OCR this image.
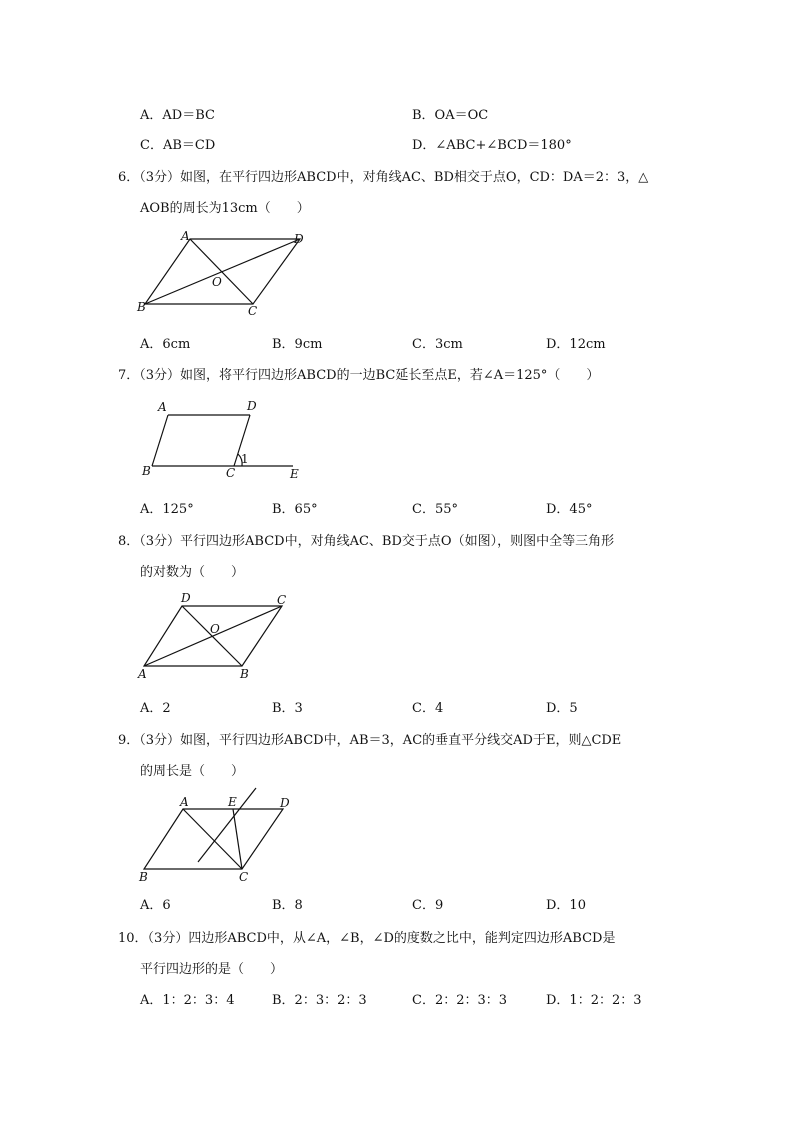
A．AD＝BC	B．OA＝OC
C．AB＝CD	D．∠ABC+∠BCD＝180°
6．（3分）如图，在平行四边形ABCD中，对角线AC、BD相交于点O，CD：DA＝2：3，△
AOB的周长为13cm（　　）
A	D
O
B	C
A．6cm	B．9cm	C．3cm	D．12cm
7．（3分）如图，将平行四边形ABCD的一边BC延长至点E，若∠A＝125°（　　）
A	D
B	C
1
E
A．125°	B．65°	C．55°	D．45°
8．（3分）平行四边形ABCD中，对角线AC、BD交于点O（如图），则图中全等三角形
的对数为（　　）
D	C
O
A	B
A．2	B．3	C．4	D．5
9．（3分）如图，平行四边形ABCD中，AB＝3，AC的垂直平分线交AD于E，则△CDE
的周长是（　　）
A	E	D
B	C
A．6	B．8	C．9	D．10
10．（3分）四边形ABCD中，从∠A，∠B，∠D的度数之比中，能判定四边形ABCD是
平行四边形的是（　　）
A．1：2：3：4	B．2：3：2：3	C．2：2：3：3	D．1：2：2：3
